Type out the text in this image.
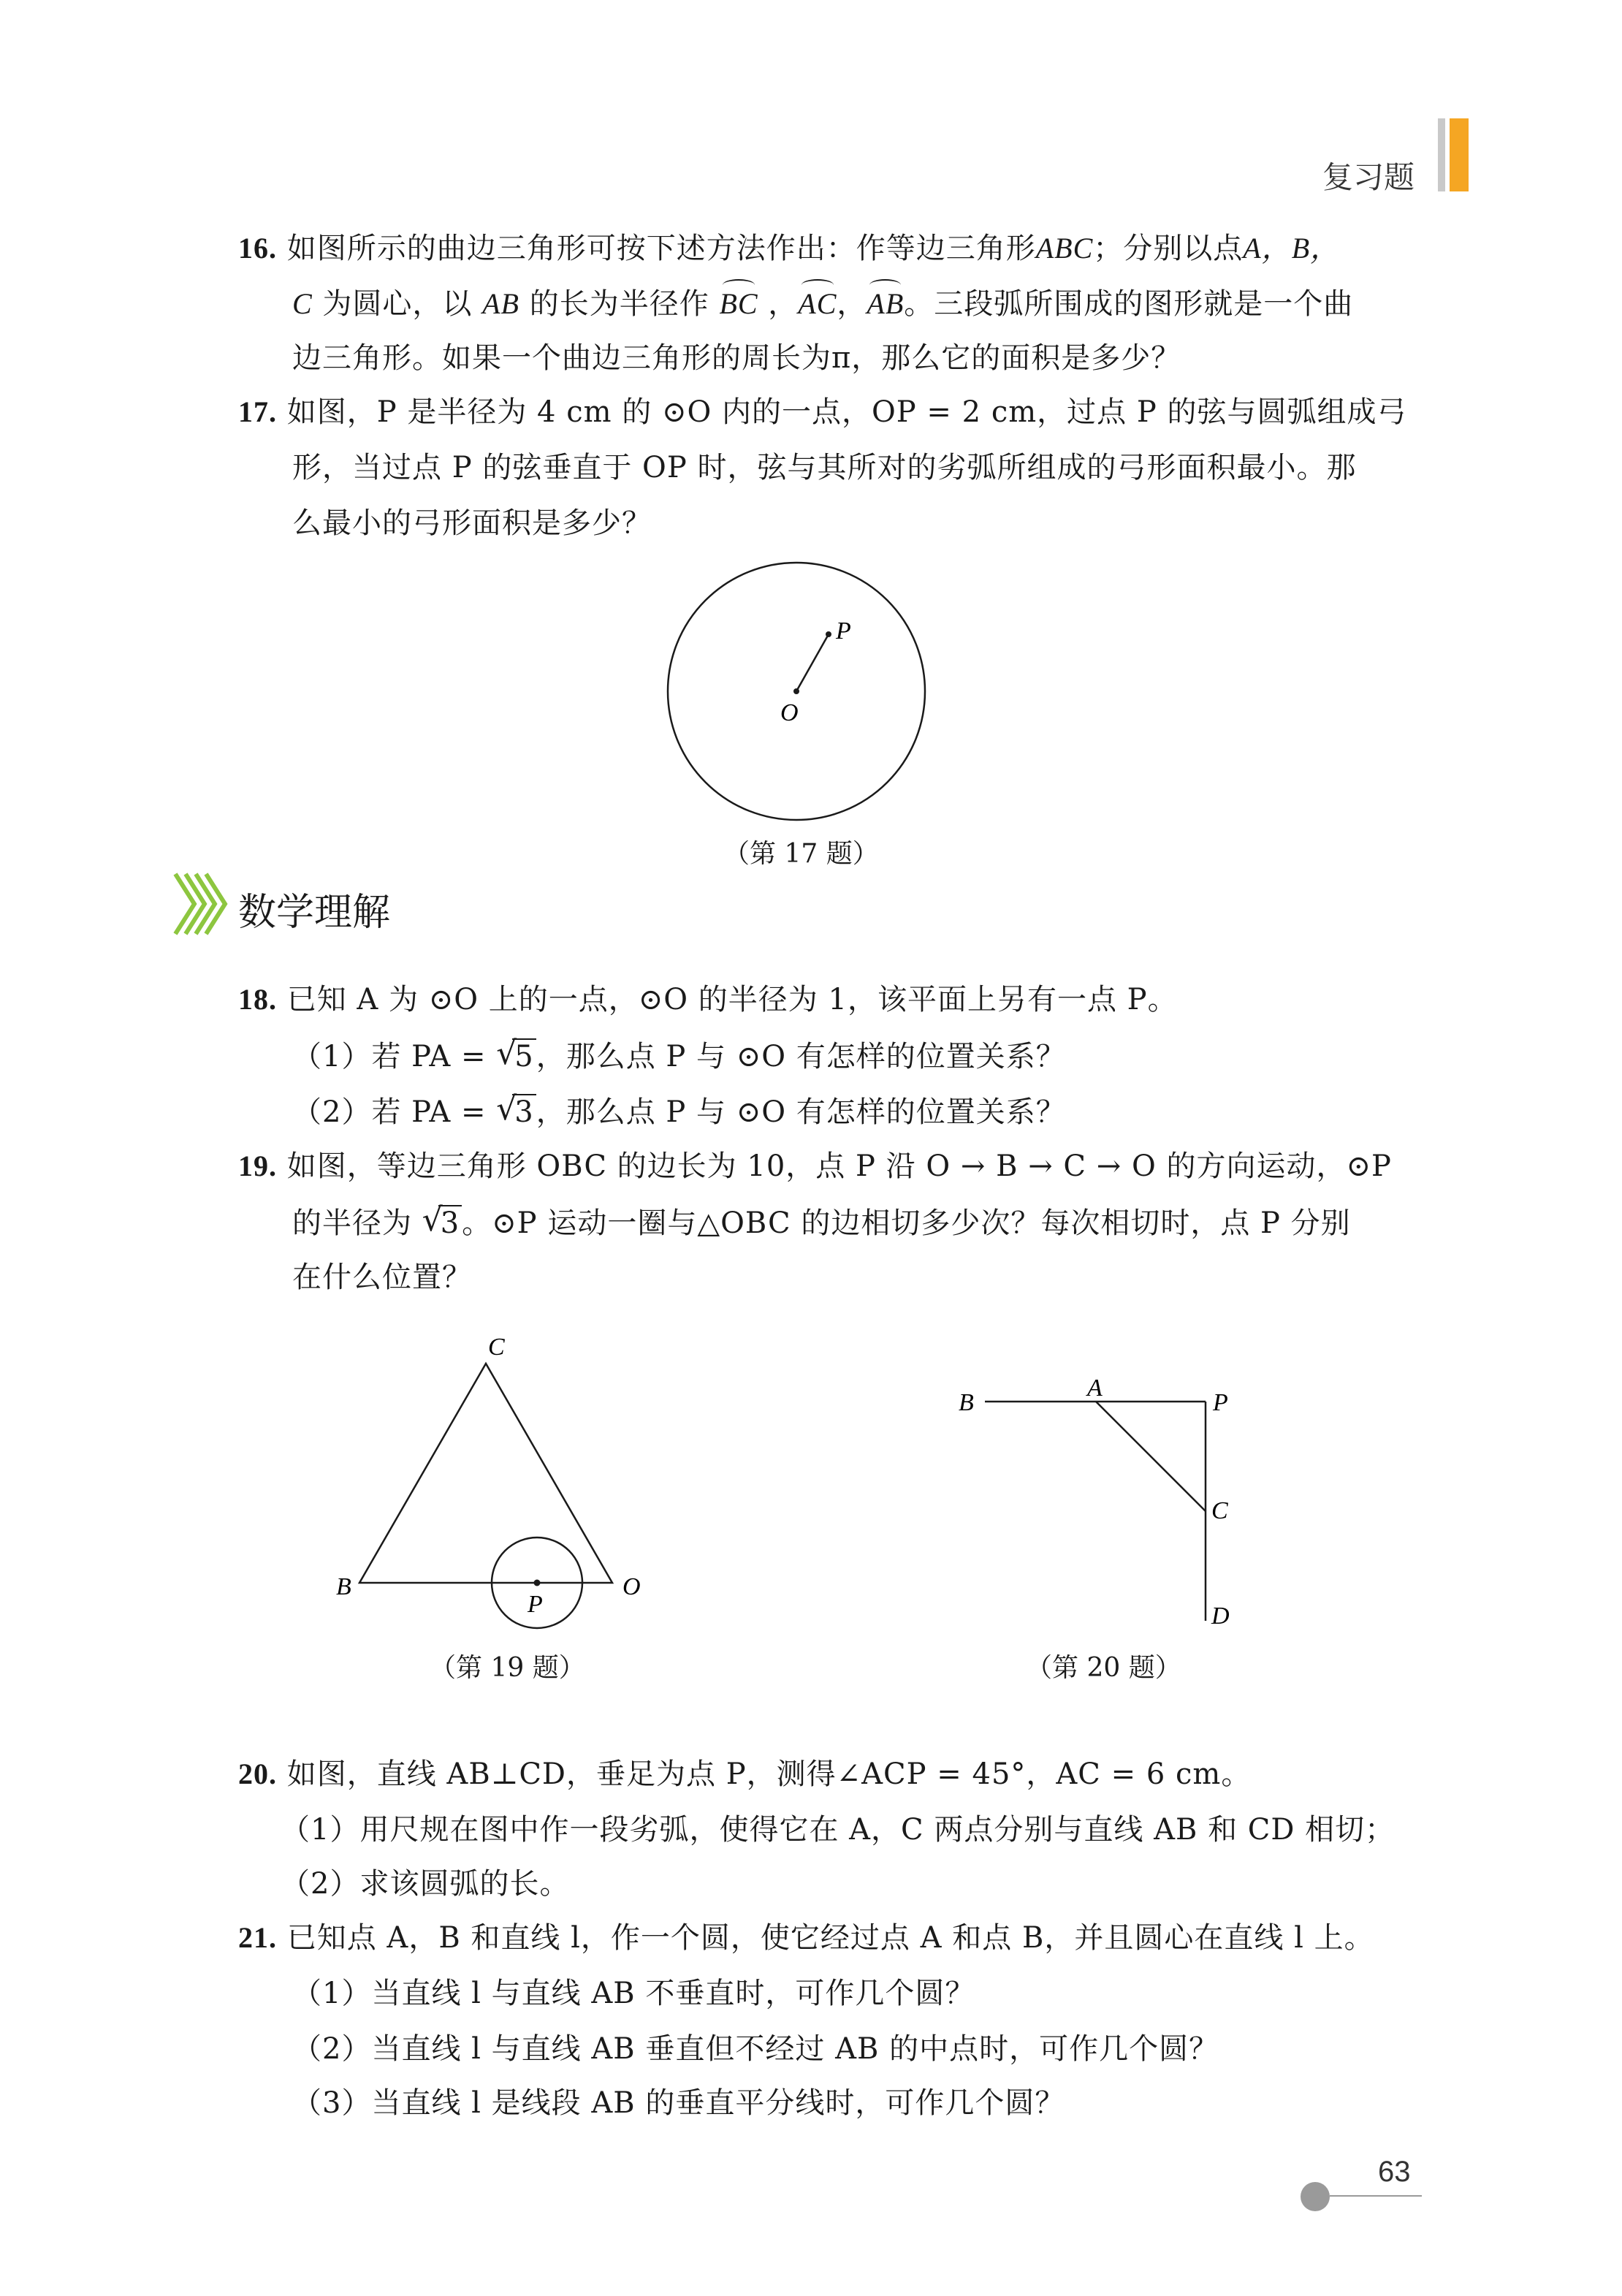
复习题
16. 如图所示的曲边三角形可按下述方法作出：作等边三角形ABC；分别以点A，B，
C 为圆心，以 AB 的长为半径作 BC ，AC，AB。三段弧所围成的图形就是一个曲
边三角形。如果一个曲边三角形的周长为π，那么它的面积是多少？
17. 如图，P 是半径为 4 cm 的 ⊙O 内的一点，OP = 2 cm，过点 P 的弦与圆弧组成弓
形，当过点 P 的弦垂直于 OP 时，弦与其所对的劣弧所组成的弓形面积最小。那
么最小的弓形面积是多少？
O
P
（第 17 题）
数学理解
18. 已知 A 为 ⊙O 上的一点，⊙O 的半径为 1，该平面上另有一点 P。
（1）若 PA = √
5，那么点 P 与 ⊙O 有怎样的位置关系？
（2）若 PA = √
3，那么点 P 与 ⊙O 有怎样的位置关系？
19. 如图，等边三角形 OBC 的边长为 10，点 P 沿 O → B → C → O 的方向运动，⊙P
的半径为 √
3。⊙P 运动一圈与△OBC 的边相切多少次？每次相切时，点 P 分别
在什么位置？
C
B	O
P
（第 19 题）
B
A
P
C
D
（第 20 题）
20. 如图，直线 AB⊥CD，垂足为点 P，测得∠ACP = 45°，AC = 6 cm。
（1）用尺规在图中作一段劣弧，使得它在 A，C 两点分别与直线 AB 和 CD 相切；
（2）求该圆弧的长。
21. 已知点 A，B 和直线 l，作一个圆，使它经过点 A 和点 B，并且圆心在直线 l 上。
（1）当直线 l 与直线 AB 不垂直时，可作几个圆？
（2）当直线 l 与直线 AB 垂直但不经过 AB 的中点时，可作几个圆？
（3）当直线 l 是线段 AB 的垂直平分线时，可作几个圆？
63
